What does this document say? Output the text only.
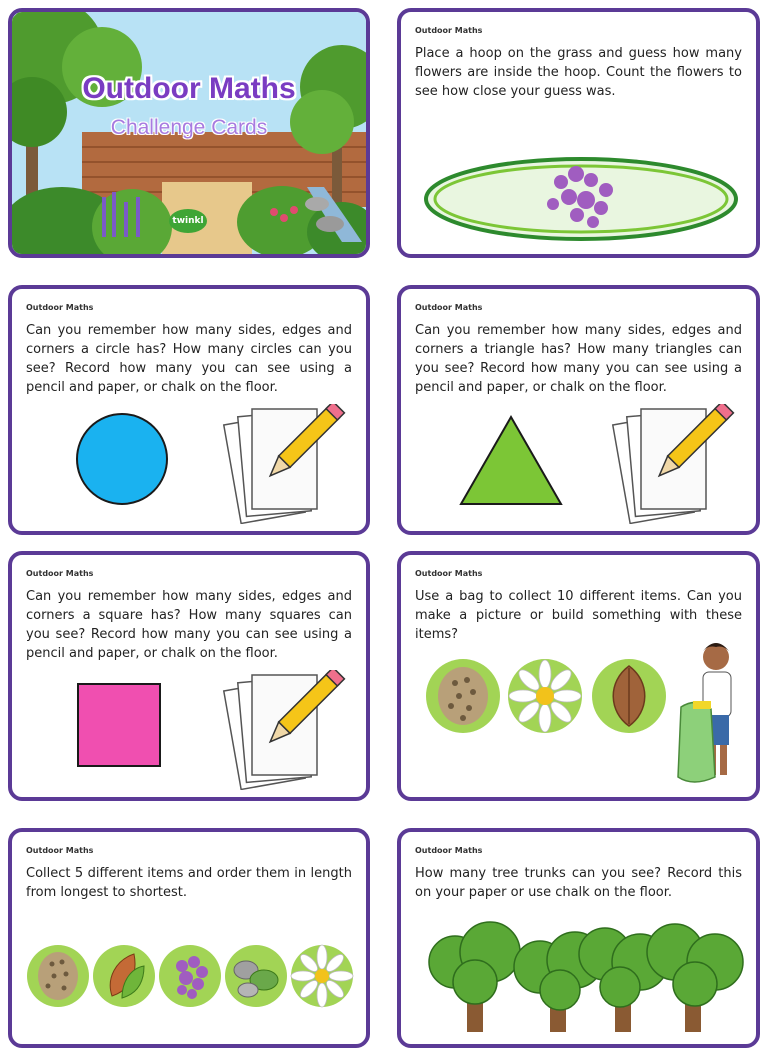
Outdoor Maths
Challenge Cards
twinkl
Outdoor Maths

Place a hoop on the grass and guess how many flowers are inside the hoop. Count the flowers to see how close your guess was.

Outdoor Maths

Can you remember how many sides, edges and corners a circle has? How many circles can you see? Record how many you can see using a pencil and paper, or chalk on the floor.

Outdoor Maths

Can you remember how many sides, edges and corners a triangle has? How many triangles can you see? Record how many you can see using a pencil and paper, or chalk on the floor.

Outdoor Maths

Can you remember how many sides, edges and corners a square has? How many squares can you see? Record how many you can see using a pencil and paper, or chalk on the floor.

Outdoor Maths

Use a bag to collect 10 different items. Can you make a picture or build something with these items?

Outdoor Maths

Collect 5 different items and order them in length from longest to shortest.

Outdoor Maths

How many tree trunks can you see? Record this on your paper or use chalk on the floor.
